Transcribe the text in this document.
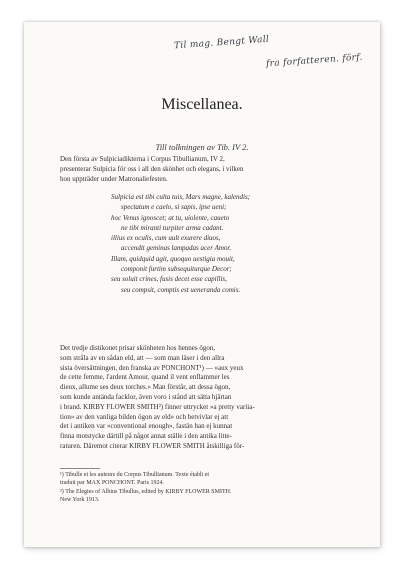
Til mag. Bengt Wall
fra forfatteren. förf.
Miscellanea.
Till tolkningen av Tib. IV 2.
Den första av Sulpiciadikterna i Corpus Tibullianum, IV 2,
presenterar Sulpicia för oss i all den skönhet och elegans, i vilken
hon uppträder under Matronaliefesten.
Sulpicia est tibi culta tuis, Mars magne, kalendis;
spectatum e caelo, si sapis, ipse ueni;
hoc Venus ignoscet; at tu, uiolente, caueto
ne tibi miranti turpiter arma cadant.
illius ex oculis, cum uult exurere diuos,
accendit geminas lampadas acer Amor.
Illam, quidquid agit, quoquo uestigia mouit,
componit furtim subsequiturque Decor;
seu soluit crines, fusis decet esse capillis,
seu compsit, comptis est ueneranda comis.
Det tredje distikonet prisar skönheten hos hennes ögon,
som stråla av en sådan eld, att — som man läser i den allra
sista översättningen, den franska av PONCHONT¹) — »aux yeux
de cette femme, l'ardent Amour, quand il vent enflammer les
dieux, allume ses deux torches.» Man förstår, att dessa ögon,
som kunde antända facklor, även voro i stånd att sätta hjärtan
i brand. KIRBY FLOWER SMITH²) finner uttrycket »a pretty variia-
tion» av den vanliga bilden ögon av eld» och betvivlar ej att
det i antiken var »conventional enough», fastän han ej kunnat
finna motstycke därtill på något annat ställe i den antika litte-
raturen. Däremot citerar KIRBY FLOWER SMITH åtskilliga för-
¹) Tibulle et les auteurs du Corpus Tibullianum. Texte établi et
traduit par MAX PONCHONT. Paris 1924.
²) The Elegies of Albius Tibullus, edited by KIRBY FLOWER SMITH.
New York 1913.
